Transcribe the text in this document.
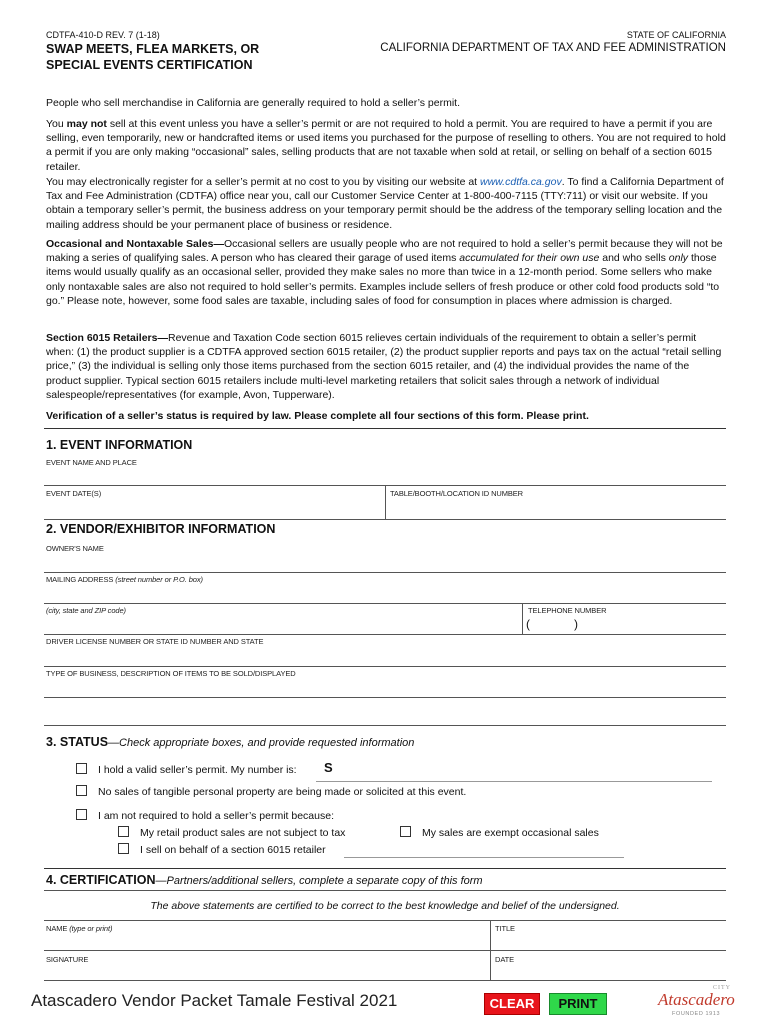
CDTFA-410-D REV. 7 (1-18)	STATE OF CALIFORNIA
SWAP MEETS, FLEA MARKETS, OR
SPECIAL EVENTS CERTIFICATION
CALIFORNIA DEPARTMENT OF TAX AND FEE ADMINISTRATION
People who sell merchandise in California are generally required to hold a seller’s permit.
You may not sell at this event unless you have a seller’s permit or are not required to hold a permit. You are required to have a permit if you are selling, even temporarily, new or handcrafted items or used items you purchased for the purpose of reselling to others. You are not required to hold a permit if you are only making “occasional” sales, selling products that are not taxable when sold at retail, or selling on behalf of a section 6015 retailer.
You may electronically register for a seller’s permit at no cost to you by visiting our website at www.cdtfa.ca.gov. To find a California Department of Tax and Fee Administration (CDTFA) office near you, call our Customer Service Center at 1-800-400-7115 (TTY:711) or visit our website. If you obtain a temporary seller’s permit, the business address on your temporary permit should be the address of the temporary selling location and the mailing address should be your permanent place of business or residence.
Occasional and Nontaxable Sales—Occasional sellers are usually people who are not required to hold a seller’s permit because they will not be making a series of qualifying sales. A person who has cleared their garage of used items accumulated for their own use and who sells only those items would usually qualify as an occasional seller, provided they make sales no more than twice in a 12-month period. Some sellers who make only nontaxable sales are also not required to hold seller’s permits. Examples include sellers of fresh produce or other cold food products sold “to go.” Please note, however, some food sales are taxable, including sales of food for consumption in places where admission is charged.
Section 6015 Retailers—Revenue and Taxation Code section 6015 relieves certain individuals of the requirement to obtain a seller’s permit when: (1) the product supplier is a CDTFA approved section 6015 retailer, (2) the product supplier reports and pays tax on the actual “retail selling price,” (3) the individual is selling only those items purchased from the section 6015 retailer, and (4) the individual provides the name of the product supplier. Typical section 6015 retailers include multi-level marketing retailers that solicit sales through a network of individual salespeople/representatives (for example, Avon, Tupperware).
Verification of a seller’s status is required by law. Please complete all four sections of this form. Please print.
1. EVENT INFORMATION
EVENT NAME AND PLACE
EVENT DATE(S)	TABLE/BOOTH/LOCATION ID NUMBER
2. VENDOR/EXHIBITOR INFORMATION
OWNER'S NAME
MAILING ADDRESS (street number or P.O. box)
(city, state and ZIP code)	TELEPHONE NUMBER
(	)
DRIVER LICENSE NUMBER OR STATE ID NUMBER AND STATE
TYPE OF BUSINESS, DESCRIPTION OF ITEMS TO BE SOLD/DISPLAYED
3. STATUS—Check appropriate boxes, and provide requested information
I hold a valid seller’s permit. My number is: S
No sales of tangible personal property are being made or solicited at this event.
I am not required to hold a seller’s permit because:
My retail product sales are not subject to tax	My sales are exempt occasional sales
I sell on behalf of a section 6015 retailer
4. CERTIFICATION—Partners/additional sellers, complete a separate copy of this form
The above statements are certified to be correct to the best knowledge and belief of the undersigned.
NAME (type or print)	TITLE
SIGNATURE	DATE
Atascadero Vendor Packet Tamale Festival 2021	CLEAR	PRINT
CITY
Atascadero
FOUNDED 1913
